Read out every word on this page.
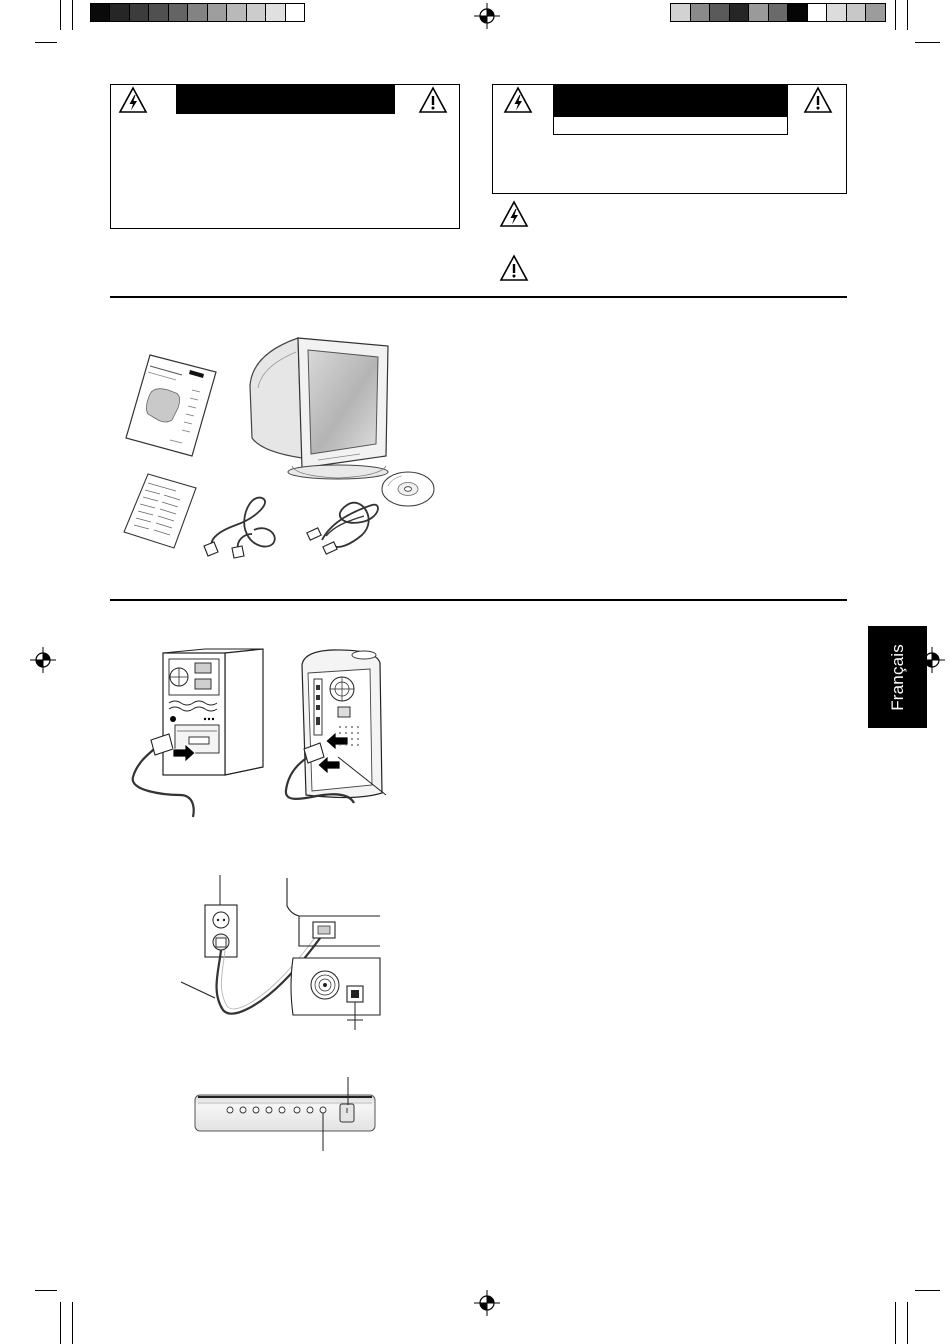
Français
